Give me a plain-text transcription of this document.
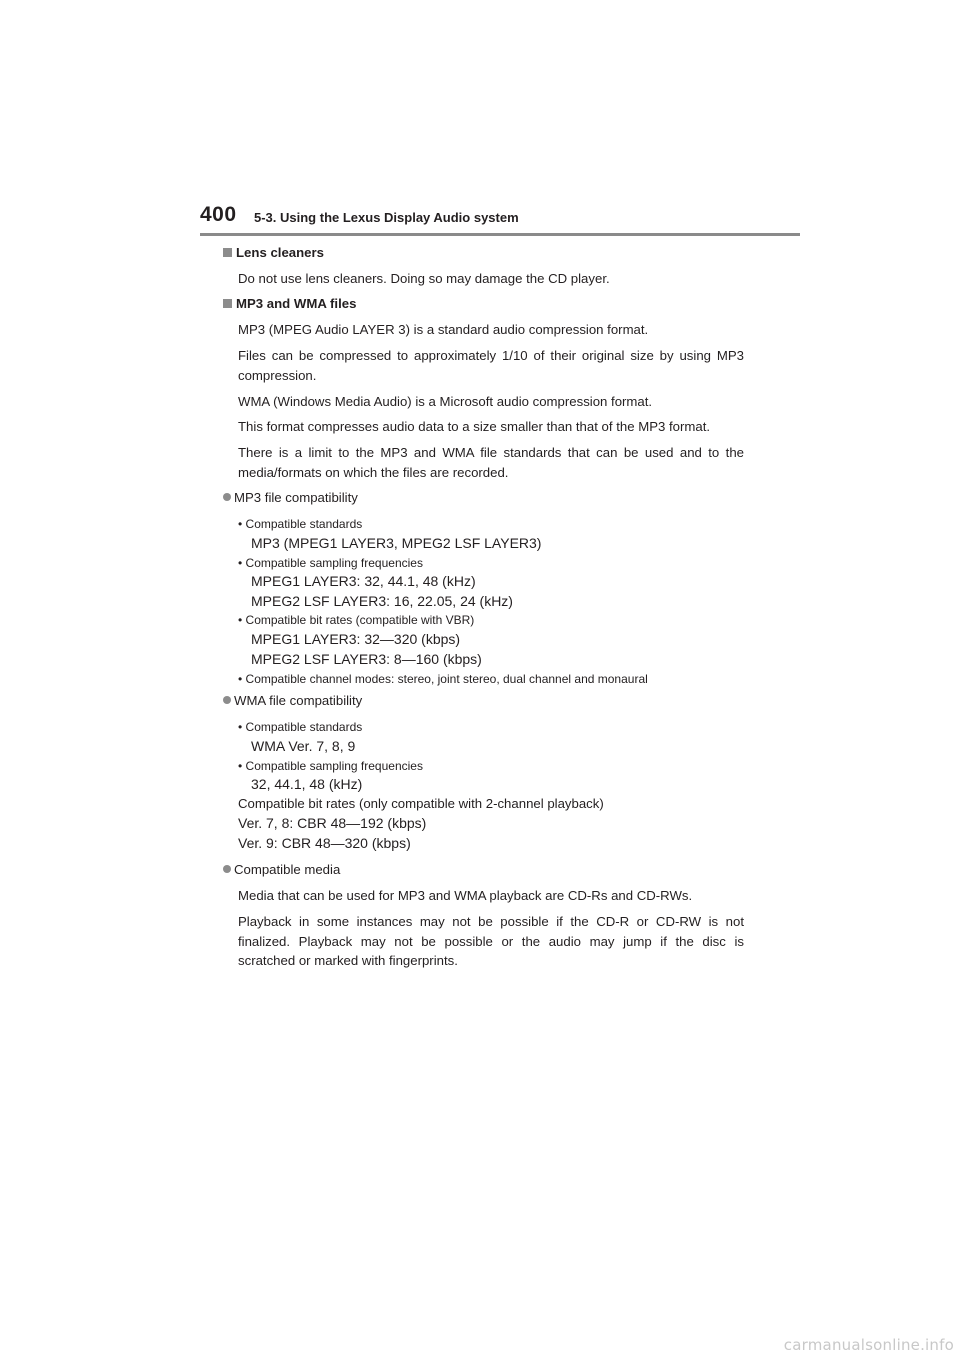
400 5-3. Using the Lexus Display Audio system
Lens cleaners
Do not use lens cleaners. Doing so may damage the CD player.
MP3 and WMA files
MP3 (MPEG Audio LAYER 3) is a standard audio compression format.
Files can be compressed to approximately 1/10 of their original size by using MP3
compression.
WMA (Windows Media Audio) is a Microsoft audio compression format.
This format compresses audio data to a size smaller than that of the MP3 format.
There is a limit to the MP3 and WMA file standards that can be used and to the
media/formats on which the files are recorded.
MP3 file compatibility
• Compatible standards
MP3 (MPEG1 LAYER3, MPEG2 LSF LAYER3)
• Compatible sampling frequencies
MPEG1 LAYER3: 32, 44.1, 48 (kHz)
MPEG2 LSF LAYER3: 16, 22.05, 24 (kHz)
• Compatible bit rates (compatible with VBR)
MPEG1 LAYER3: 32—320 (kbps)
MPEG2 LSF LAYER3: 8—160 (kbps)
• Compatible channel modes: stereo, joint stereo, dual channel and monaural
WMA file compatibility
• Compatible standards
WMA Ver. 7, 8, 9
• Compatible sampling frequencies
32, 44.1, 48 (kHz)
Compatible bit rates (only compatible with 2-channel playback)
Ver. 7, 8: CBR 48—192 (kbps)
Ver. 9: CBR 48—320 (kbps)
Compatible media
Media that can be used for MP3 and WMA playback are CD-Rs and CD-RWs.
Playback in some instances may not be possible if the CD-R or CD-RW is not
finalized. Playback may not be possible or the audio may jump if the disc is
scratched or marked with fingerprints.
carmanualsonline.info
